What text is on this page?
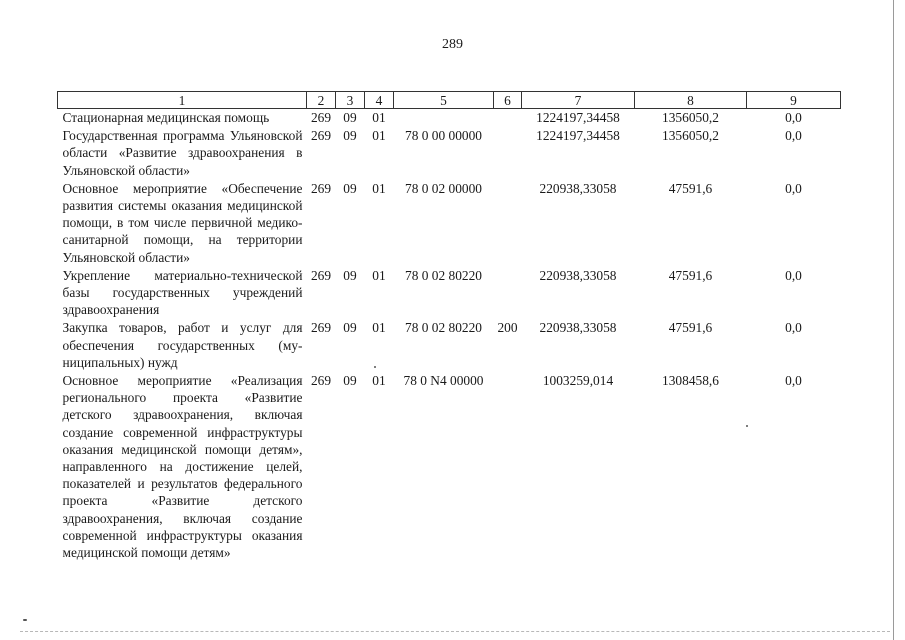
289
1	2	3	4	5	6	7	8	9
Стационарная медицинская помощь	269	09	01			1224197,34458	1356050,2	0,0
Государственная программа Ульяновской области «Развитие здравоохранения в Ульяновской области»	269	09	01	78 0 00 00000		1224197,34458	1356050,2	0,0
Основное мероприятие «Обеспечение развития системы оказания медицинской помощи, в том числе первичной медико-санитарной помощи, на территории Ульяновской области»	269	09	01	78 0 02 00000		220938,33058	47591,6	0,0
Укрепление материально-технической базы государственных учреждений здравоохранения	269	09	01	78 0 02 80220		220938,33058	47591,6	0,0
Закупка товаров, работ и услуг для обеспечения государственных (муниципальных) нужд	269	09	01	78 0 02 80220	200	220938,33058	47591,6	0,0
Основное мероприятие «Реализация регионального проекта «Развитие детского здравоохранения, включая создание современной инфраструктуры оказания медицинской помощи детям», направленного на достижение целей, показателей и результатов федерального проекта «Развитие детского здравоохранения, включая создание современной инфраструктуры оказания медицинской помощи детям»	269	09	01	78 0 N4 00000		1003259,014	1308458,6	0,0
